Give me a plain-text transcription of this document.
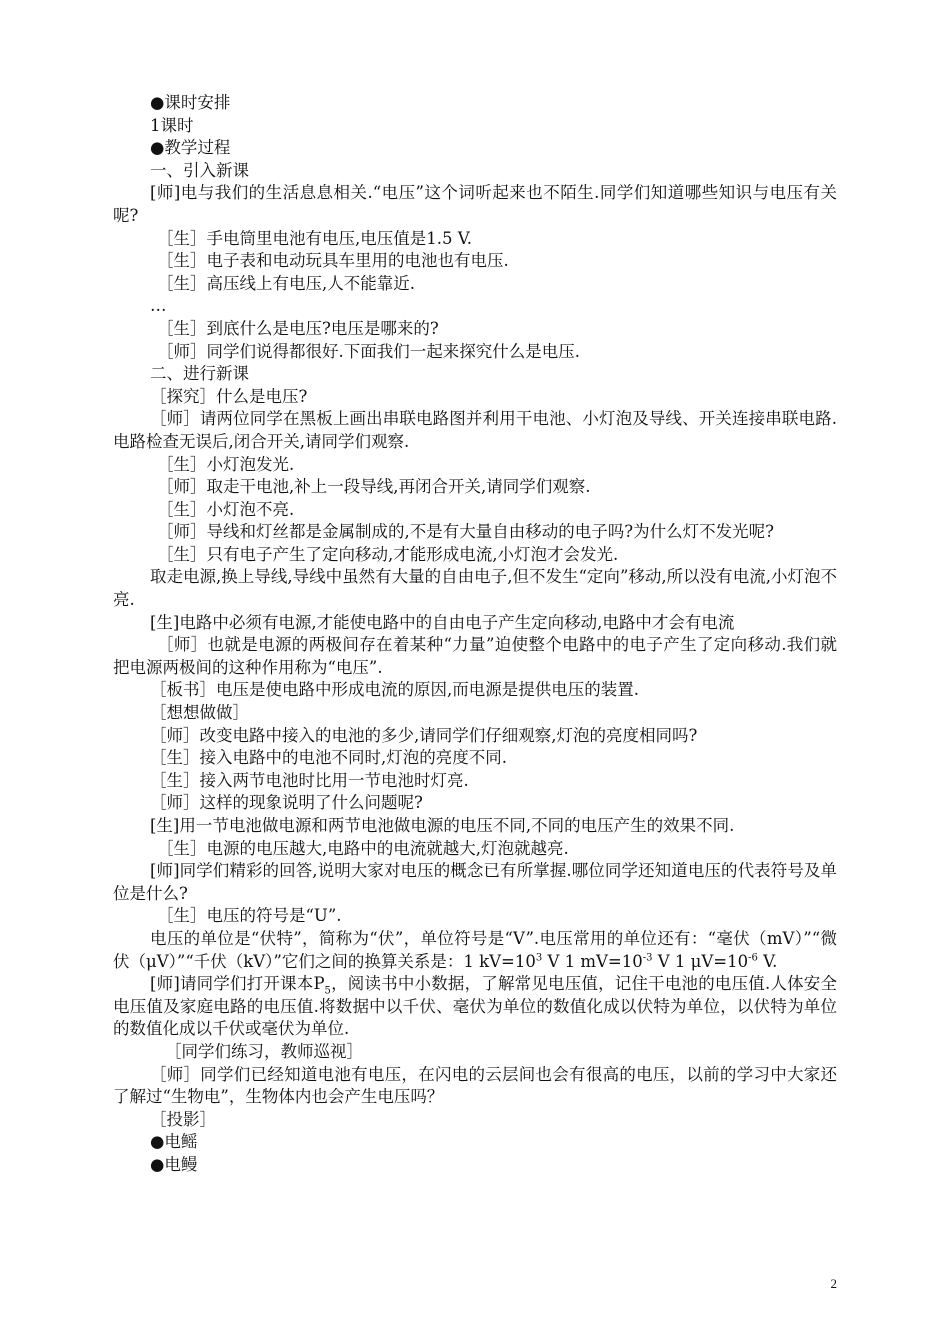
●课时安排

1课时

●教学过程

一、引入新课

[师]电与我们的生活息息相关.“电压”这个词听起来也不陌生.同学们知道哪些知识与电压有关呢?

［生］手电筒里电池有电压,电压值是1.5 V.

［生］电子表和电动玩具车里用的电池也有电压.

［生］高压线上有电压,人不能靠近.

…

［生］到底什么是电压?电压是哪来的?

［师］同学们说得都很好.下面我们一起来探究什么是电压.

二、进行新课

［探究］什么是电压?

［师］请两位同学在黑板上画出串联电路图并利用干电池、小灯泡及导线、开关连接串联电路.电路检查无误后,闭合开关,请同学们观察.

［生］小灯泡发光.

［师］取走干电池,补上一段导线,再闭合开关,请同学们观察.

［生］小灯泡不亮.

［师］导线和灯丝都是金属制成的,不是有大量自由移动的电子吗?为什么灯不发光呢?

［生］只有电子产生了定向移动,才能形成电流,小灯泡才会发光.

取走电源,换上导线,导线中虽然有大量的自由电子,但不发生“定向”移动,所以没有电流,小灯泡不亮.

[生]电路中必须有电源,才能使电路中的自由电子产生定向移动,电路中才会有电流

［师］也就是电源的两极间存在着某种“力量”迫使整个电路中的电子产生了定向移动.我们就把电源两极间的这种作用称为“电压”.

［板书］电压是使电路中形成电流的原因,而电源是提供电压的装置.

［想想做做］

［师］改变电路中接入的电池的多少,请同学们仔细观察,灯泡的亮度相同吗?

［生］接入电路中的电池不同时,灯泡的亮度不同.

［生］接入两节电池时比用一节电池时灯亮.

［师］这样的现象说明了什么问题呢?

[生]用一节电池做电源和两节电池做电源的电压不同,不同的电压产生的效果不同.

［生］电源的电压越大,电路中的电流就越大,灯泡就越亮.

[师]同学们精彩的回答,说明大家对电压的概念已有所掌握.哪位同学还知道电压的代表符号及单位是什么?

［生］电压的符号是“U”.

电压的单位是“伏特”，简称为“伏”，单位符号是“V”.电压常用的单位还有：“毫伏（mV）”“微伏（μV）”“千伏（kV）”它们之间的换算关系是：1 $kV=10^3$ V 1 $mV=10^{-3}$ V 1 $\mu V=10^{-6}$ V.

[师]请同学们打开课本$P_5$，阅读书中小数据，了解常见电压值，记住干电池的电压值.人体安全电压值及家庭电路的电压值.将数据中以千伏、毫伏为单位的数值化成以伏特为单位，以伏特为单位的数值化成以千伏或毫伏为单位.

［同学们练习，教师巡视］

［师］同学们已经知道电池有电压，在闪电的云层间也会有很高的电压，以前的学习中大家还了解过“生物电”，生物体内也会产生电压吗？

［投影］

●电鳐

●电鳗

2
